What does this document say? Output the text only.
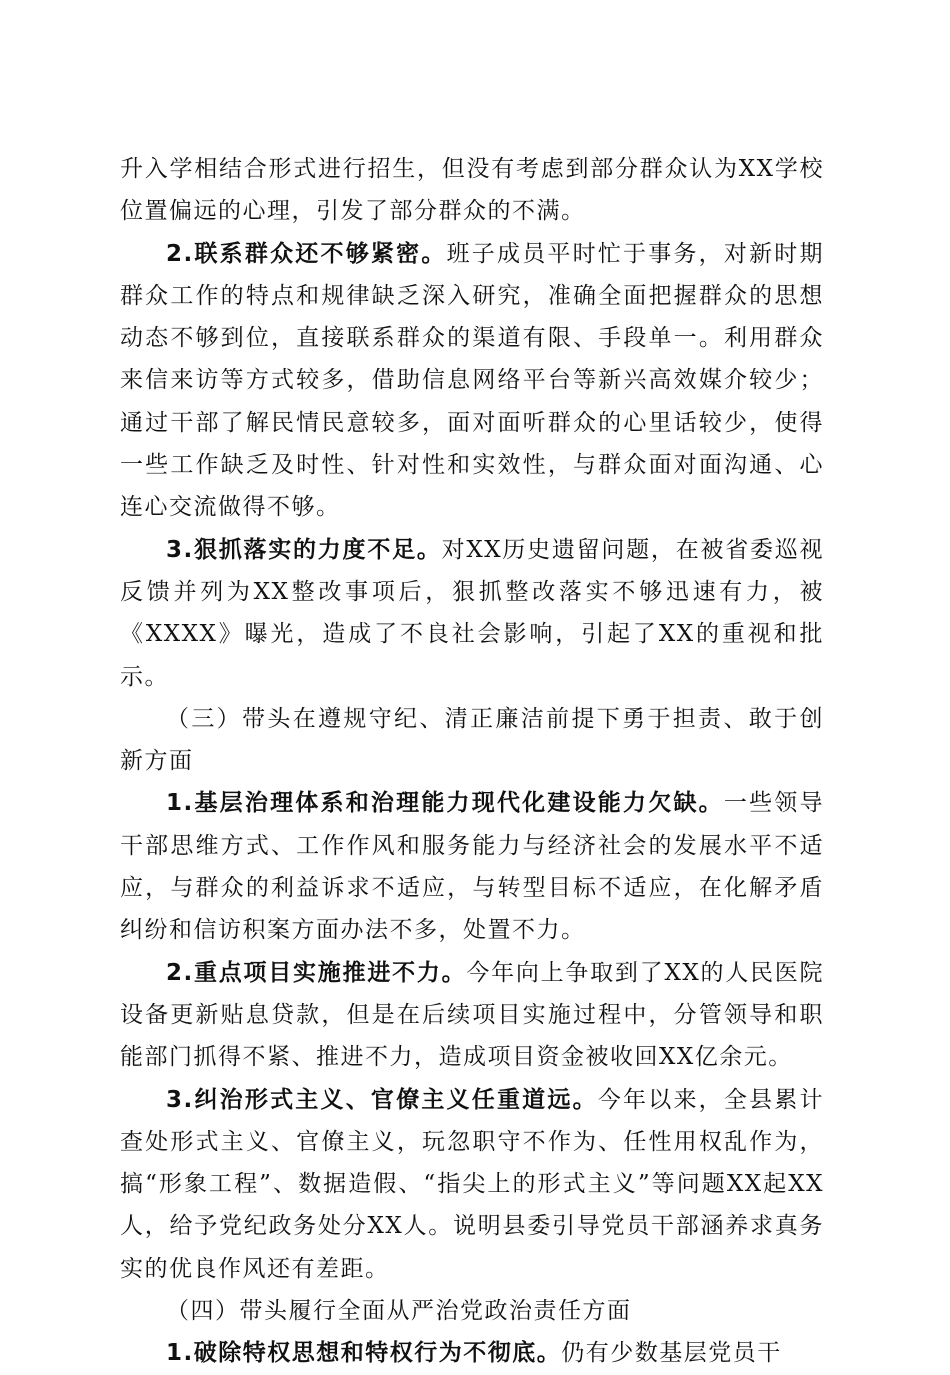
升入学相结合形式进行招生，但没有考虑到部分群众认为XX学校位置偏远的心理，引发了部分群众的不满。

2.联系群众还不够紧密。班子成员平时忙于事务，对新时期群众工作的特点和规律缺乏深入研究，准确全面把握群众的思想动态不够到位，直接联系群众的渠道有限、手段单一。利用群众来信来访等方式较多，借助信息网络平台等新兴高效媒介较少；通过干部了解民情民意较多，面对面听群众的心里话较少，使得一些工作缺乏及时性、针对性和实效性，与群众面对面沟通、心连心交流做得不够。

3.狠抓落实的力度不足。对XX历史遗留问题，在被省委巡视反馈并列为XX整改事项后，狠抓整改落实不够迅速有力，被《XXXX》曝光，造成了不良社会影响，引起了XX的重视和批示。

（三）带头在遵规守纪、清正廉洁前提下勇于担责、敢于创新方面

1.基层治理体系和治理能力现代化建设能力欠缺。一些领导干部思维方式、工作作风和服务能力与经济社会的发展水平不适应，与群众的利益诉求不适应，与转型目标不适应，在化解矛盾纠纷和信访积案方面办法不多，处置不力。

2.重点项目实施推进不力。今年向上争取到了XX的人民医院设备更新贴息贷款，但是在后续项目实施过程中，分管领导和职能部门抓得不紧、推进不力，造成项目资金被收回XX亿余元。

3.纠治形式主义、官僚主义任重道远。今年以来，全县累计查处形式主义、官僚主义，玩忽职守不作为、任性用权乱作为，搞“形象工程”、数据造假、“指尖上的形式主义”等问题XX起XX人，给予党纪政务处分XX人。说明县委引导党员干部涵养求真务实的优良作风还有差距。

（四）带头履行全面从严治党政治责任方面

1.破除特权思想和特权行为不彻底。仍有少数基层党员干
